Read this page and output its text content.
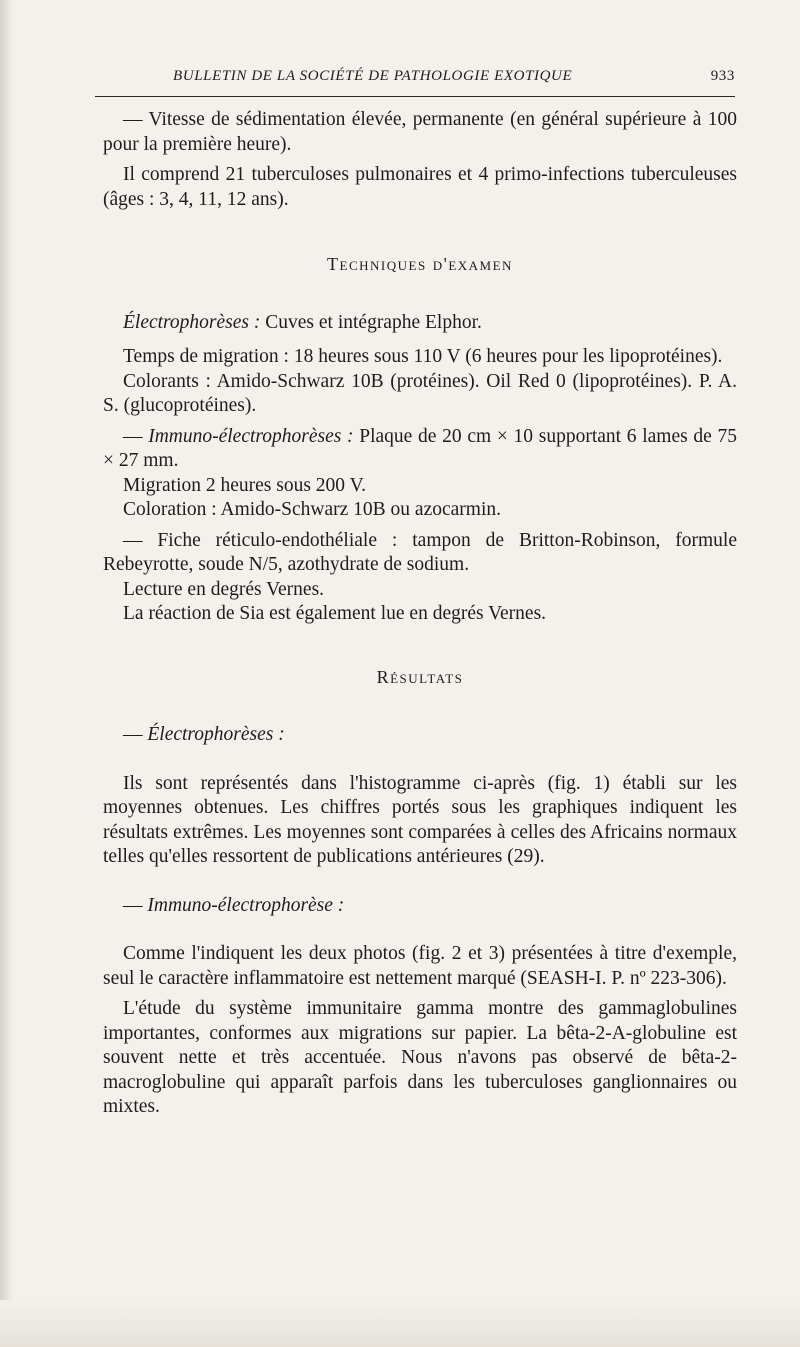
BULLETIN DE LA SOCIÉTÉ DE PATHOLOGIE EXOTIQUE	933

— Vitesse de sédimentation élevée, permanente (en général supérieure à 100 pour la première heure).

Il comprend 21 tuberculoses pulmonaires et 4 primo-infections tuberculeuses (âges : 3, 4, 11, 12 ans).

Techniques d'examen

Électrophorèses : Cuves et intégraphe Elphor.

Temps de migration : 18 heures sous 110 V (6 heures pour les lipoprotéines).

Colorants : Amido-Schwarz 10B (protéines). Oil Red 0 (lipoprotéines). P. A. S. (glucoprotéines).

— Immuno-électrophorèses : Plaque de 20 cm × 10 supportant 6 lames de 75 × 27 mm.

Migration 2 heures sous 200 V.

Coloration : Amido-Schwarz 10B ou azocarmin.

— Fiche réticulo-endothéliale : tampon de Britton-Robinson, formule Rebeyrotte, soude N/5, azothydrate de sodium.

Lecture en degrés Vernes.

La réaction de Sia est également lue en degrés Vernes.

Résultats

— Électrophorèses :

Ils sont représentés dans l'histogramme ci-après (fig. 1) établi sur les moyennes obtenues. Les chiffres portés sous les graphiques indiquent les résultats extrêmes. Les moyennes sont comparées à celles des Africains normaux telles qu'elles ressortent de publications antérieures (29).

— Immuno-électrophorèse :

Comme l'indiquent les deux photos (fig. 2 et 3) présentées à titre d'exemple, seul le caractère inflammatoire est nettement marqué (SEASH-I. P. nº 223-306).

L'étude du système immunitaire gamma montre des gammaglobulines importantes, conformes aux migrations sur papier. La bêta-2-A-globuline est souvent nette et très accentuée. Nous n'avons pas observé de bêta-2-macroglobuline qui apparaît parfois dans les tuberculoses ganglionnaires ou mixtes.
